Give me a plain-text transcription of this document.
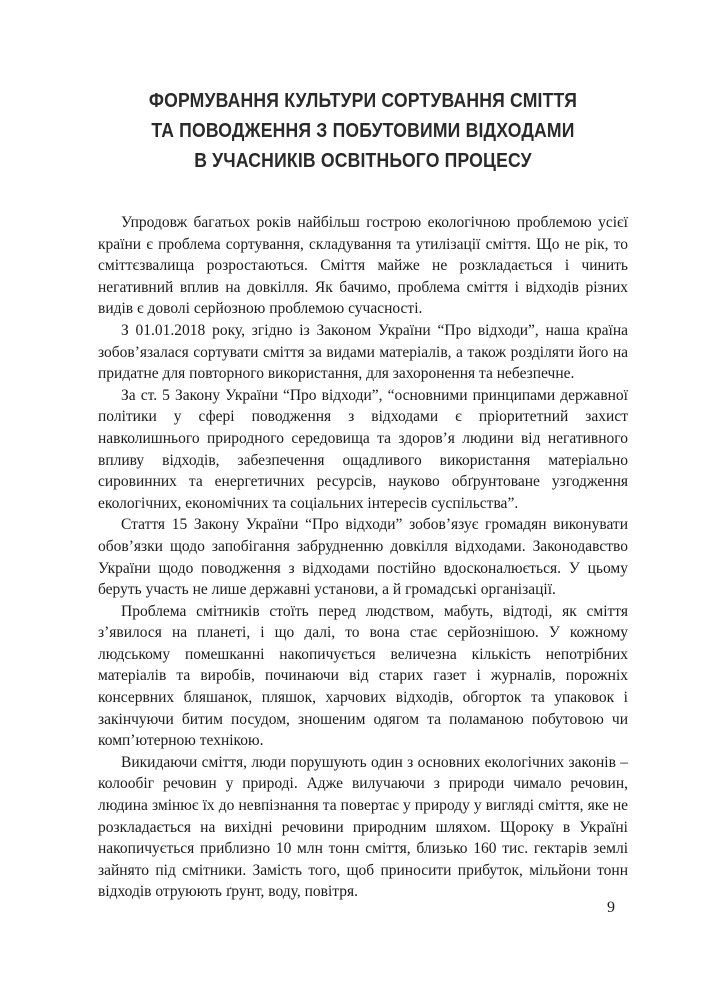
ФОРМУВАННЯ КУЛЬТУРИ СОРТУВАННЯ СМІТТЯ
ТА ПОВОДЖЕННЯ З ПОБУТОВИМИ ВІДХОДАМИ
В УЧАСНИКІВ ОСВІТНЬОГО ПРОЦЕСУ

Упродовж багатьох років найбільш гострою екологічною проблемою усієї країни є проблема сортування, складування та утилізації сміття. Що не рік, то сміттєзвалища розростаються. Сміття майже не розкладається і чинить негативний вплив на довкілля. Як бачимо, проблема сміття і відходів різних видів є доволі серйозною проблемою сучасності.

З 01.01.2018 року, згідно із Законом України “Про відходи”, наша країна зобов’язалася сортувати сміття за видами матеріалів, а також розділяти його на придатне для повторного використання, для захоронення та небезпечне.

За ст. 5 Закону України “Про відходи”, “основними принципами державної політики у сфері поводження з відходами є пріоритетний захист навколишнього природного середовища та здоров’я людини від негативного впливу відходів, забезпечення ощадливого використання матеріально сировинних та енергетичних ресурсів, науково обґрунтоване узгодження екологічних, економічних та соціальних інтересів суспільства”.

Стаття 15 Закону України “Про відходи” зобов’язує громадян виконувати обов’язки щодо запобігання забрудненню довкілля відходами. Законодавство України щодо поводження з відходами постійно вдосконалюється. У цьому беруть участь не лише державні установи, а й громадські організації.

Проблема смітників стоїть перед людством, мабуть, відтоді, як сміття з’явилося на планеті, і що далі, то вона стає серйознішою. У кожному людському помешканні накопичується величезна кількість непотрібних матеріалів та виробів, починаючи від старих газет і журналів, порожніх консервних бляшанок, пляшок, харчових відходів, обгорток та упаковок і закінчуючи битим посудом, зношеним одягом та поламаною побутовою чи комп’ютерною технікою.

Викидаючи сміття, люди порушують один з основних екологічних законів – колообіг речовин у природі. Адже вилучаючи з природи чимало речовин, людина змінює їх до невпізнання та повертає у природу у вигляді сміття, яке не розкладається на вихідні речовини природним шляхом. Щороку в Україні накопичується приблизно 10 млн тонн сміття, близько 160 тис. гектарів землі зайнято під смітники. Замість того, щоб приносити прибуток, мільйони тонн відходів отруюють ґрунт, воду, повітря.

9
